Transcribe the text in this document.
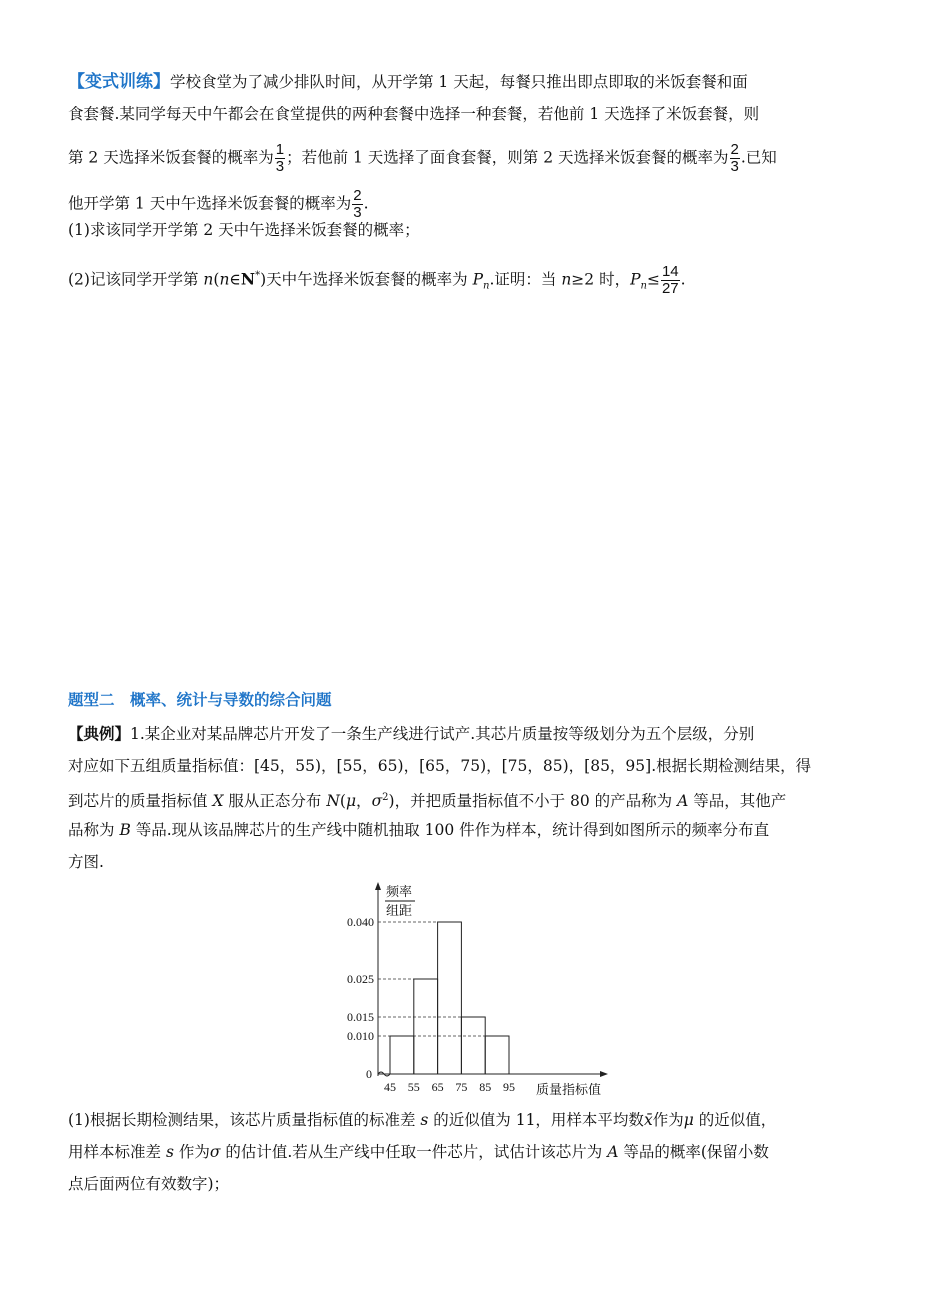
【变式训练】学校食堂为了减少排队时间，从开学第 1 天起，每餐只推出即点即取的米饭套餐和面
食套餐.某同学每天中午都会在食堂提供的两种套餐中选择一种套餐，若他前 1 天选择了米饭套餐，则
第 2 天选择米饭套餐的概率为 $\frac{1}{3}$ ；若他前 1 天选择了面食套餐，则第 2 天选择米饭套餐的概率为 $\frac{2}{3}$ .已知
他开学第 1 天中午选择米饭套餐的概率为 $\frac{2}{3}$ .
(1)求该同学开学第 2 天中午选择米饭套餐的概率；
(2)记该同学开学第 n(n∈N*)天中午选择米饭套餐的概率为 $P_n$.证明：当 n≥2 时，$P_n\le \frac{14}{27}$ .
题型二　概率、统计与导数的综合问题
【典例】1.某企业对某品牌芯片开发了一条生产线进行试产.其芯片质量按等级划分为五个层级，分别
对应如下五组质量指标值：[45，55)，[55，65)，[65，75)，[75，85)，[85，95].根据长期检测结果，得
到芯片的质量指标值 X 服从正态分布 N(μ，$\sigma^2$)，并把质量指标值不小于 80 的产品称为 A 等品，其他产
品称为 B 等品.现从该品牌芯片的生产线中随机抽取 100 件作为样本，统计得到如图所示的频率分布直
方图.
频率
组距
0
0.010
0.015
0.025
0.040
45 55 65 75 85 95 质量指标值
(1)根据长期检测结果，该芯片质量指标值的标准差 s 的近似值为 11，用样本平均数x̄作为μ 的近似值，
用样本标准差 s 作为σ 的估计值.若从生产线中任取一件芯片，试估计该芯片为 A 等品的概率(保留小数
点后面两位有效数字)；
